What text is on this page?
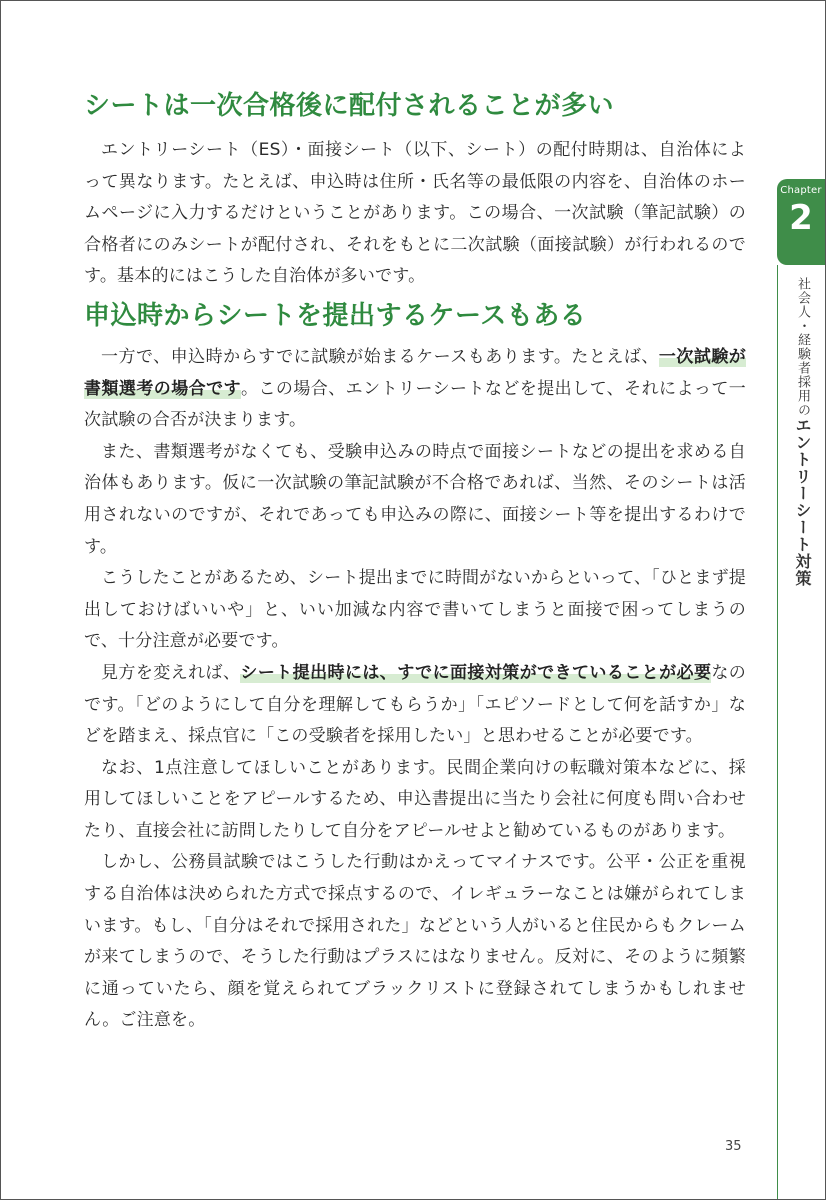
Chapter
2
社会人・経験者採用のエントリーシート対策
シートは一次合格後に配付されることが多い

エントリーシート（ES）・面接シート（以下、シート）の配付時期は、自治体によって異なります。たとえば、申込時は住所・氏名等の最低限の内容を、自治体のホームページに入力するだけということがあります。この場合、一次試験（筆記試験）の合格者にのみシートが配付され、それをもとに二次試験（面接試験）が行われるのです。基本的にはこうした自治体が多いです。

申込時からシートを提出するケースもある

一方で、申込時からすでに試験が始まるケースもあります。たとえば、一次試験が書類選考の場合です。この場合、エントリーシートなどを提出して、それによって一次試験の合否が決まります。

また、書類選考がなくても、受験申込みの時点で面接シートなどの提出を求める自治体もあります。仮に一次試験の筆記試験が不合格であれば、当然、そのシートは活用されないのですが、それであっても申込みの際に、面接シート等を提出するわけです。

こうしたことがあるため、シート提出までに時間がないからといって、「ひとまず提出しておけばいいや」と、いい加減な内容で書いてしまうと面接で困ってしまうので、十分注意が必要です。

見方を変えれば、シート提出時には、すでに面接対策ができていることが必要なのです。「どのようにして自分を理解してもらうか」「エピソードとして何を話すか」などを踏まえ、採点官に「この受験者を採用したい」と思わせることが必要です。

なお、1点注意してほしいことがあります。民間企業向けの転職対策本などに、採用してほしいことをアピールするため、申込書提出に当たり会社に何度も問い合わせたり、直接会社に訪問したりして自分をアピールせよと勧めているものがあります。

しかし、公務員試験ではこうした行動はかえってマイナスです。公平・公正を重視する自治体は決められた方式で採点するので、イレギュラーなことは嫌がられてしまいます。もし、「自分はそれで採用された」などという人がいると住民からもクレームが来てしまうので、そうした行動はプラスにはなりません。反対に、そのように頻繁に通っていたら、顔を覚えられてブラックリストに登録されてしまうかもしれません。ご注意を。

35
